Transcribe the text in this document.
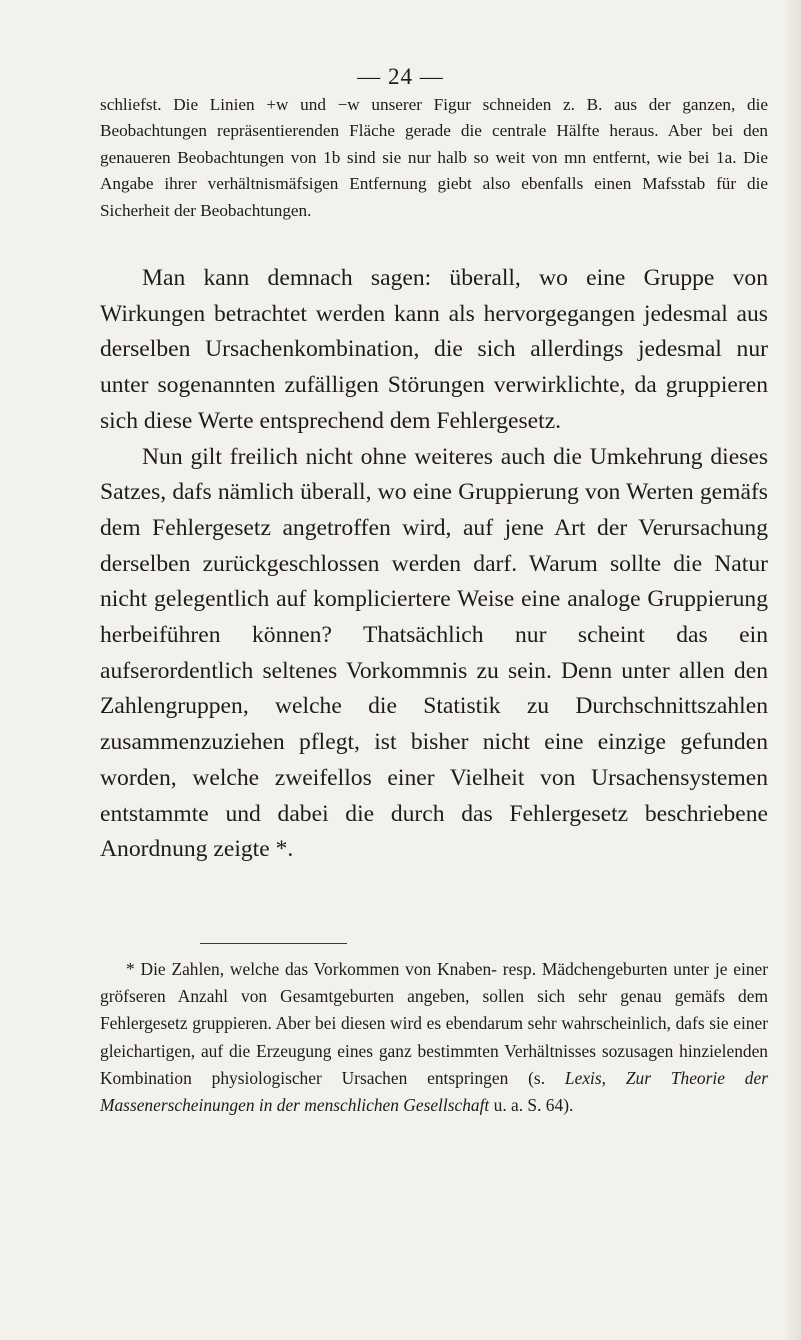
— 24 —
schliefst. Die Linien +w und −w unserer Figur schneiden z. B. aus der ganzen, die Beobachtungen repräsentierenden Fläche gerade die centrale Hälfte heraus. Aber bei den genaueren Beobachtungen von 1b sind sie nur halb so weit von mn entfernt, wie bei 1a. Die Angabe ihrer verhältnismäfsigen Entfernung giebt also ebenfalls einen Mafsstab für die Sicherheit der Beobachtungen.

Man kann demnach sagen: überall, wo eine Gruppe von Wirkungen betrachtet werden kann als hervorgegangen jedesmal aus derselben Ursachenkombination, die sich allerdings jedesmal nur unter sogenannten zufälligen Störungen verwirklichte, da gruppieren sich diese Werte entsprechend dem Fehlergesetz.

Nun gilt freilich nicht ohne weiteres auch die Umkehrung dieses Satzes, dafs nämlich überall, wo eine Gruppierung von Werten gemäfs dem Fehlergesetz angetroffen wird, auf jene Art der Verursachung derselben zurückgeschlossen werden darf. Warum sollte die Natur nicht gelegentlich auf kompliciertere Weise eine analoge Gruppierung herbeiführen können? Thatsächlich nur scheint das ein aufserordentlich seltenes Vorkommnis zu sein. Denn unter allen den Zahlengruppen, welche die Statistik zu Durchschnittszahlen zusammenzuziehen pflegt, ist bisher nicht eine einzige gefunden worden, welche zweifellos einer Vielheit von Ursachensystemen entstammte und dabei die durch das Fehlergesetz beschriebene Anordnung zeigte *.

* Die Zahlen, welche das Vorkommen von Knaben- resp. Mädchengeburten unter je einer gröfseren Anzahl von Gesamtgeburten angeben, sollen sich sehr genau gemäfs dem Fehlergesetz gruppieren. Aber bei diesen wird es ebendarum sehr wahrscheinlich, dafs sie einer gleichartigen, auf die Erzeugung eines ganz bestimmten Verhältnisses sozusagen hinzielenden Kombination physiologischer Ursachen entspringen (s. Lexis, Zur Theorie der Massenerscheinungen in der menschlichen Gesellschaft u. a. S. 64).
